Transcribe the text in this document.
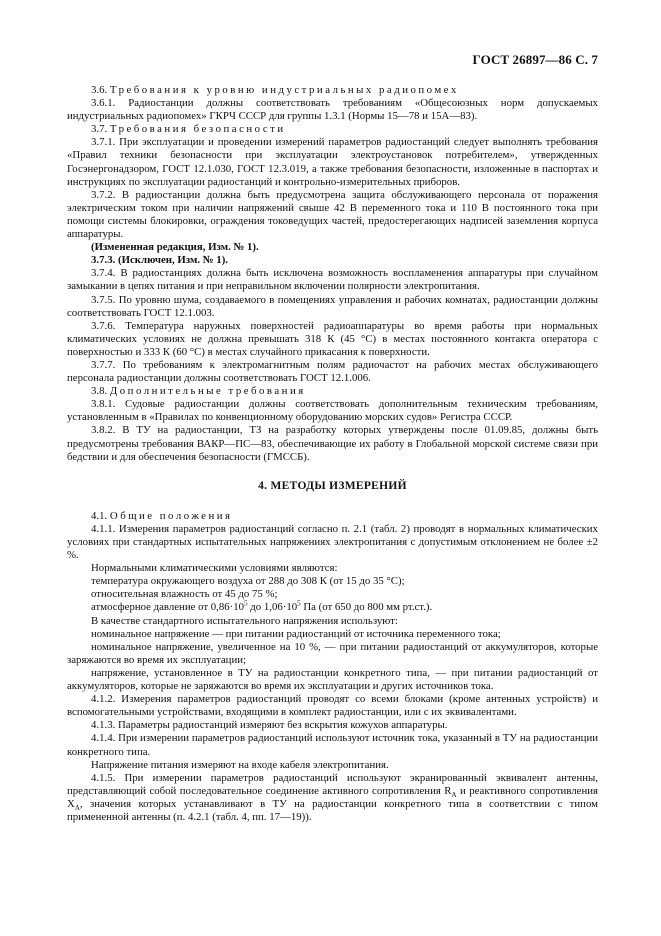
ГОСТ 26897—86 С. 7

3.6. Требования к уровню индустриальных радиопомех

3.6.1. Радиостанции должны соответствовать требованиям «Общесоюзных норм допускаемых индустриальных радиопомех» ГКРЧ СССР для группы 1.3.1 (Нормы 15—78 и 15А—83).

3.7. Требования безопасности

3.7.1. При эксплуатации и проведении измерений параметров радиостанций следует выполнять требования «Правил техники безопасности при эксплуатации электроустановок потребителем», утвержденных Госэнергонадзором, ГОСТ 12.1.030, ГОСТ 12.3.019, а также требования безопасности, изложенные в паспортах и инструкциях по эксплуатации радиостанций и контрольно-измерительных приборов.

3.7.2. В радиостанции должна быть предусмотрена защита обслуживающего персонала от поражения электрическим током при наличии напряжений свыше 42 В переменного тока и 110 В постоянного тока при помощи системы блокировки, ограждения токоведущих частей, предостерегающих надписей заземления корпуса аппаратуры.

(Измененная редакция, Изм. № 1).

3.7.3. (Исключен, Изм. № 1).

3.7.4. В радиостанциях должна быть исключена возможность воспламенения аппаратуры при случайном замыкании в цепях питания и при неправильном включении полярности электропитания.

3.7.5. По уровню шума, создаваемого в помещениях управления и рабочих комнатах, радиостанции должны соответствовать ГОСТ 12.1.003.

3.7.6. Температура наружных поверхностей радиоаппаратуры во время работы при нормальных климатических условиях не должна превышать 318 К (45 °С) в местах постоянного контакта оператора с поверхностью и 333 К (60 °С) в местах случайного прикасания к поверхности.

3.7.7. По требованиям к электромагнитным полям радиочастот на рабочих местах обслуживающего персонала радиостанции должны соответствовать ГОСТ 12.1.006.

3.8. Дополнительные требования

3.8.1. Судовые радиостанции должны соответствовать дополнительным техническим требованиям, установленным в «Правилах по конвенционному оборудованию морских судов» Регистра СССР.

3.8.2. В ТУ на радиостанции, ТЗ на разработку которых утверждены после 01.09.85, должны быть предусмотрены требования ВАКР—ПС—83, обеспечивающие их работу в Глобальной морской системе связи при бедствии и для обеспечения безопасности (ГМССБ).

4. МЕТОДЫ ИЗМЕРЕНИЙ

4.1. Общие положения

4.1.1. Измерения параметров радиостанций согласно п. 2.1 (табл. 2) проводят в нормальных климатических условиях при стандартных испытательных напряжениях электропитания с допустимым отклонением не более ±2 %.

Нормальными климатическими условиями являются:

температура окружающего воздуха от 288 до 308 К (от 15 до 35 °С);

относительная влажность от 45 до 75 %;

атмосферное давление от $0,86\cdot 10^5$ до $1,06\cdot 10^5$ Па (от 650 до 800 мм рт.ст.).

В качестве стандартного испытательного напряжения используют:

номинальное напряжение — при питании радиостанций от источника переменного тока;

номинальное напряжение, увеличенное на 10 %, — при питании радиостанций от аккумуляторов, которые заряжаются во время их эксплуатации;

напряжение, установленное в ТУ на радиостанции конкретного типа, — при питании радиостанций от аккумуляторов, которые не заряжаются во время их эксплуатации и других источников тока.

4.1.2. Измерения параметров радиостанций проводят со всеми блоками (кроме антенных устройств) и вспомогательными устройствами, входящими в комплект радиостанции, или с их эквивалентами.

4.1.3. Параметры радиостанций измеряют без вскрытия кожухов аппаратуры.

4.1.4. При измерении параметров радиостанций используют источник тока, указанный в ТУ на радиостанции конкретного типа.

Напряжение питания измеряют на входе кабеля электропитания.

4.1.5. При измерении параметров радиостанций используют экранированный эквивалент антенны, представляющий собой последовательное соединение активного сопротивления $R_A$ и реактивного сопротивления $X_A$, значения которых устанавливают в ТУ на радиостанции конкретного типа в соответствии с типом примененной антенны (п. 4.2.1 (табл. 4, пп. 17—19)).
